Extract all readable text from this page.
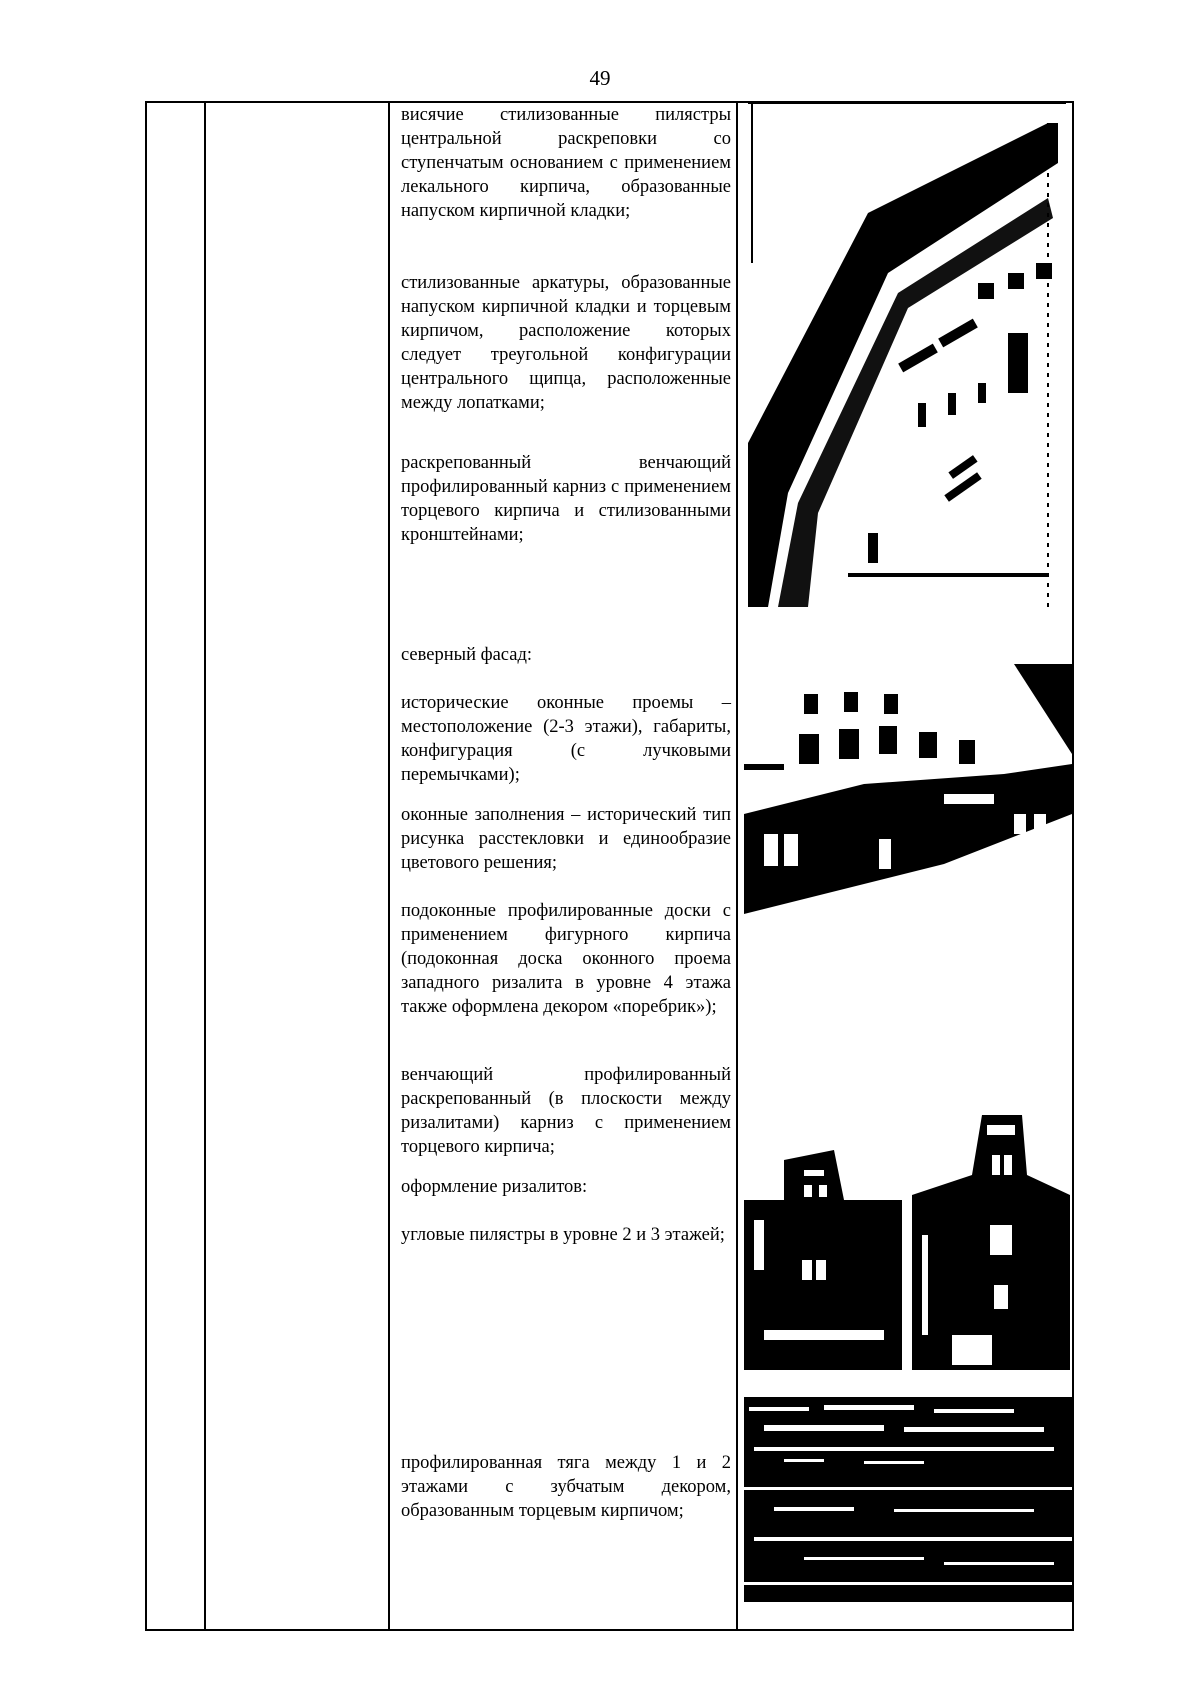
49

висячие стилизованные пилястры центральной раскреповки со ступенчатым основанием с применением лекального кирпича, образованные напуском кирпичной кладки;

стилизованные аркатуры, образованные напуском кирпичной кладки и торцевым кирпичом, расположение которых следует треугольной конфигурации центрального щипца, расположенные между лопатками;

раскрепованный венчающий профилированный карниз с применением торцевого кирпича и стилизованными кронштейнами;

северный фасад:

исторические оконные проемы – местоположение (2-3 этажи), габариты, конфигурация (с лучковыми перемычками);

оконные заполнения – исторический тип рисунка расстекловки и единообразие цветового решения;

подоконные профилированные доски с применением фигурного кирпича (подоконная доска оконного проема западного ризалита в уровне 4 этажа также оформлена декором «поребрик»);

венчающий профилированный раскрепованный (в плоскости между ризалитами) карниз с применением торцевого кирпича;

оформление ризалитов:

угловые пилястры в уровне 2 и 3 этажей;

профилированная тяга между 1 и 2 этажами с зубчатым декором, образованным торцевым кирпичом;
